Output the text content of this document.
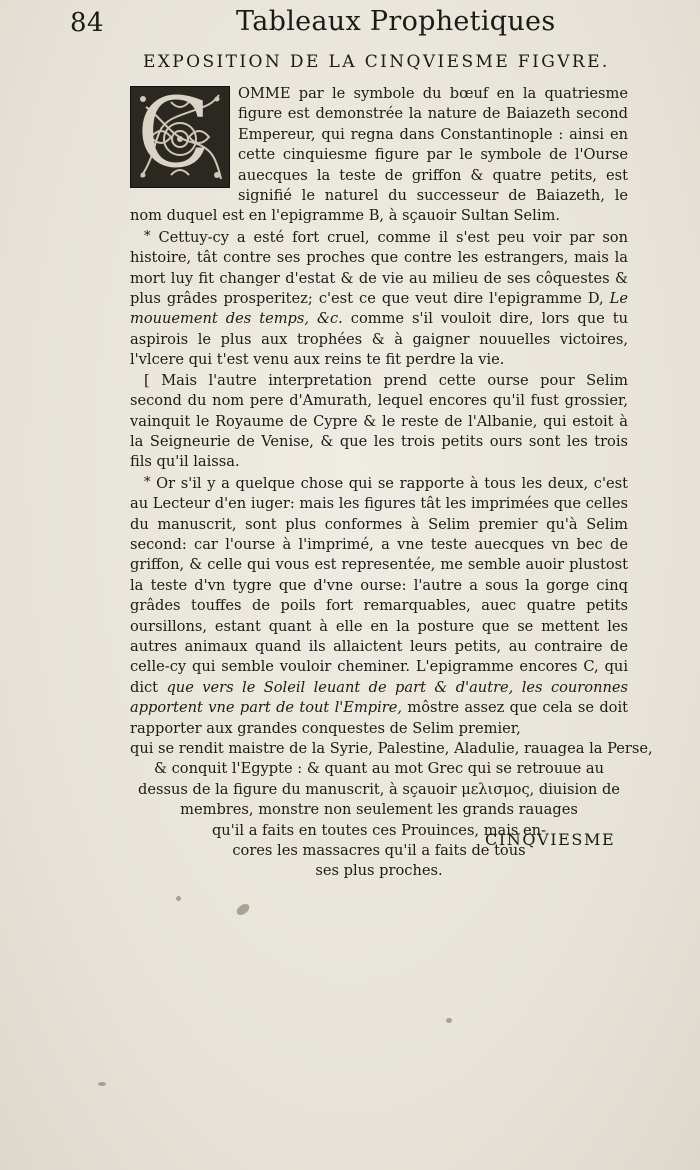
84	Tableaux Prophetiques
EXPOSITION DE LA CINQVIESME FIGVRE.
C	OMME par le symbole du bœuf en la quatriesme figure est demonstrée la nature de Baiazeth second Empereur, qui regna dans Constantinople : ainsi en cette cinquiesme figure par le symbole de l'Ourse auecques la teste de griffon & quatre petits, est signifié le naturel du successeur de Baiazeth, le nom duquel est en l'epigramme B, à sçauoir Sultan Selim.

* Cettuy-cy a esté fort cruel, comme il s'est peu voir par son histoire, tât contre ses proches que contre les estrangers, mais la mort luy fit changer d'estat & de vie au milieu de ses côquestes & plus grâdes prosperitez; c'est ce que veut dire l'epigramme D, Le mouuement des temps, &c. comme s'il vouloit dire, lors que tu aspirois le plus aux trophées & à gaigner nouuelles victoires, l'vlcere qui t'est venu aux reins te fit perdre la vie.

[ Mais l'autre interpretation prend cette ourse pour Selim second du nom pere d'Amurath, lequel encores qu'il fust grossier, vainquit le Royaume de Cypre & le reste de l'Albanie, qui estoit à la Seigneurie de Venise, & que les trois petits ours sont les trois fils qu'il laissa.

* Or s'il y a quelque chose qui se rapporte à tous les deux, c'est au Lecteur d'en iuger: mais les figures tât les imprimées que celles du manuscrit, sont plus conformes à Selim premier qu'à Selim second: car l'ourse à l'imprimé, a vne teste auecques vn bec de griffon, & celle qui vous est representée, me semble auoir plustost la teste d'vn tygre que d'vne ourse: l'autre a sous la gorge cinq grâdes touffes de poils fort remarquables, auec quatre petits oursillons, estant quant à elle en la posture que se mettent les autres animaux quand ils allaictent leurs petits, au contraire de celle-cy qui semble vouloir cheminer. L'epigramme encores C, qui dict que vers le Soleil leuant de part & d'autre, les couronnes apportent vne part de tout l'Empire, môstre assez que cela se doit rapporter aux grandes conquestes de Selim premier,

qui se rendit maistre de la Syrie, Palestine, Aladulie, rauagea la Perse,
& conquit l'Egypte : & quant au mot Grec qui se retrouue au
dessus de la figure du manuscrit, à sçauoir μελισμος, diuision de
membres, monstre non seulement les grands rauages
qu'il a faits en toutes ces Prouinces, mais en-
cores les massacres qu'il a faits de tous
ses plus proches.
CINQVIESME
